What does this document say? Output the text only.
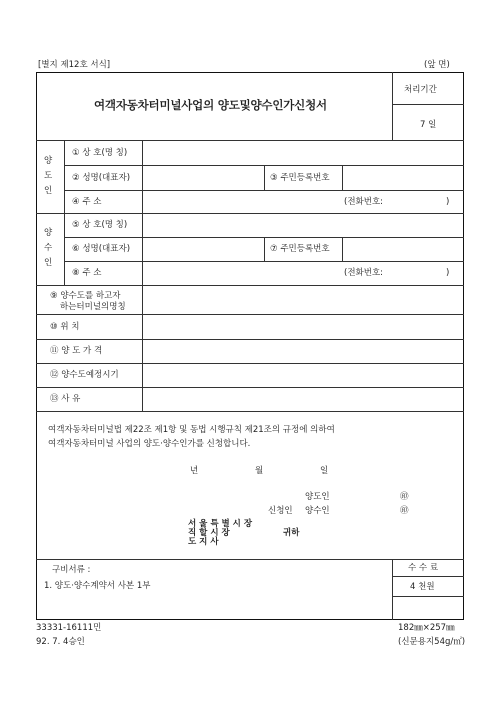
[별지 제12호 서식]	(앞 면)
여객자동차터미널사업의 양도및양수인가신청서
처리기간
7 일
양
도
인
① 상 호(명 칭)
② 성명(대표자)	③ 주민등록번호
④ 주 소	(전화번호:	)
양
수
인
⑤ 상 호(명 칭)
⑥ 성명(대표자)	⑦ 주민등록번호
⑧ 주 소	(전화번호:	)
⑨ 양수도를 하고자
하는터미널의명칭
⑩ 위 치
⑪ 양 도 가 격
⑫ 양수도예정시기
⑬ 사 유
여객자동차터미널법 제22조 제1항 및 동법 시행규칙 제21조의 규정에 의하여
여객자동차터미널 사업의 양도·양수인가를 신청합니다.
년	월	일
양도인	㊞
신청인 양수인	㊞
서 울 특 별 시 장
직 할 시 장
도 지 사
귀하
구비서류 :
1. 양도·양수계약서 사본 1부
수 수 료
4 천원
33331-16111민
92. 7. 4승인
182㎜×257㎜
(신문용지54g/㎡)
